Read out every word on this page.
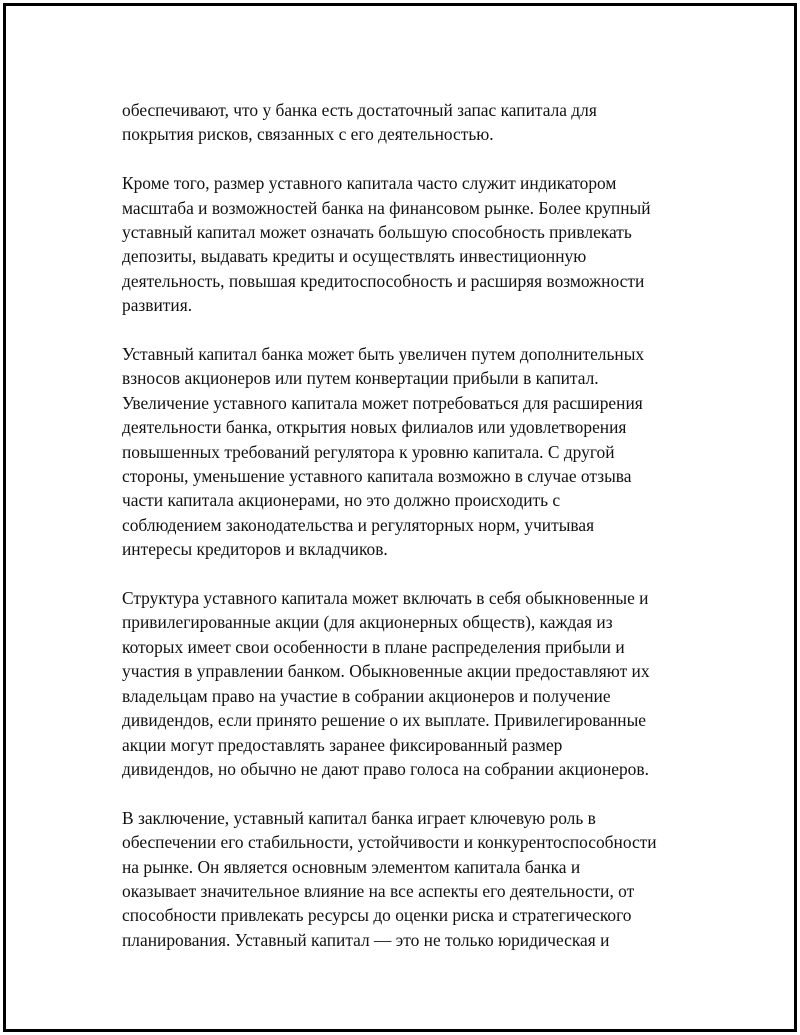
обеспечивают, что у банка есть достаточный запас капитала для
покрытия рисков, связанных с его деятельностью.

Кроме того, размер уставного капитала часто служит индикатором
масштаба и возможностей банка на финансовом рынке. Более крупный
уставный капитал может означать большую способность привлекать
депозиты, выдавать кредиты и осуществлять инвестиционную
деятельность, повышая кредитоспособность и расширяя возможности
развития.

Уставный капитал банка может быть увеличен путем дополнительных
взносов акционеров или путем конвертации прибыли в капитал.
Увеличение уставного капитала может потребоваться для расширения
деятельности банка, открытия новых филиалов или удовлетворения
повышенных требований регулятора к уровню капитала. С другой
стороны, уменьшение уставного капитала возможно в случае отзыва
части капитала акционерами, но это должно происходить с
соблюдением законодательства и регуляторных норм, учитывая
интересы кредиторов и вкладчиков.

Структура уставного капитала может включать в себя обыкновенные и
привилегированные акции (для акционерных обществ), каждая из
которых имеет свои особенности в плане распределения прибыли и
участия в управлении банком. Обыкновенные акции предоставляют их
владельцам право на участие в собрании акционеров и получение
дивидендов, если принято решение о их выплате. Привилегированные
акции могут предоставлять заранее фиксированный размер
дивидендов, но обычно не дают право голоса на собрании акционеров.

В заключение, уставный капитал банка играет ключевую роль в
обеспечении его стабильности, устойчивости и конкурентоспособности
на рынке. Он является основным элементом капитала банка и
оказывает значительное влияние на все аспекты его деятельности, от
способности привлекать ресурсы до оценки риска и стратегического
планирования. Уставный капитал — это не только юридическая и
